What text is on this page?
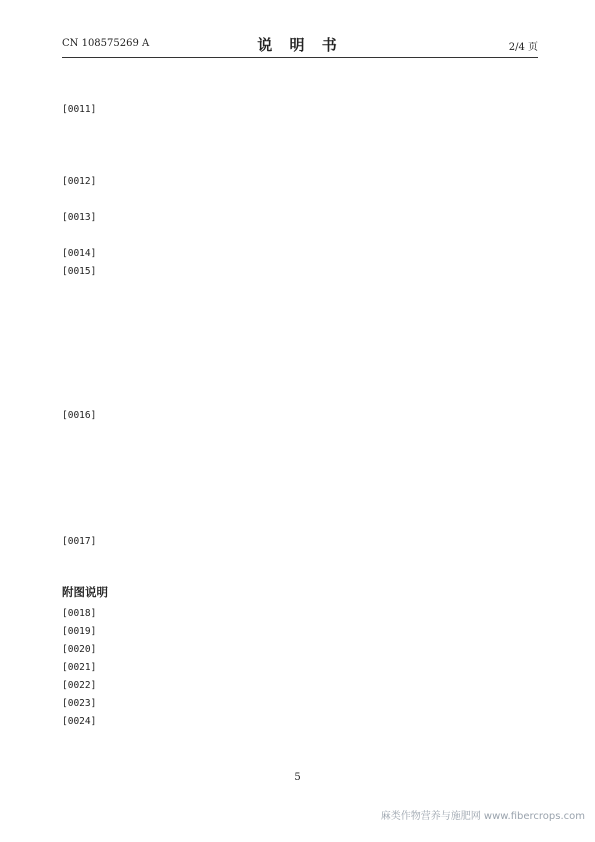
CN 108575269 A	说 明 书	2/4 页
[0011]
[0012]
[0013]
[0014]
[0015]
[0016]
[0017]
附图说明
[0018]
[0019]
[0020]
[0021]
[0022]
[0023]
[0024]
5
麻类作物营养与施肥网 www.fibercrops.com
